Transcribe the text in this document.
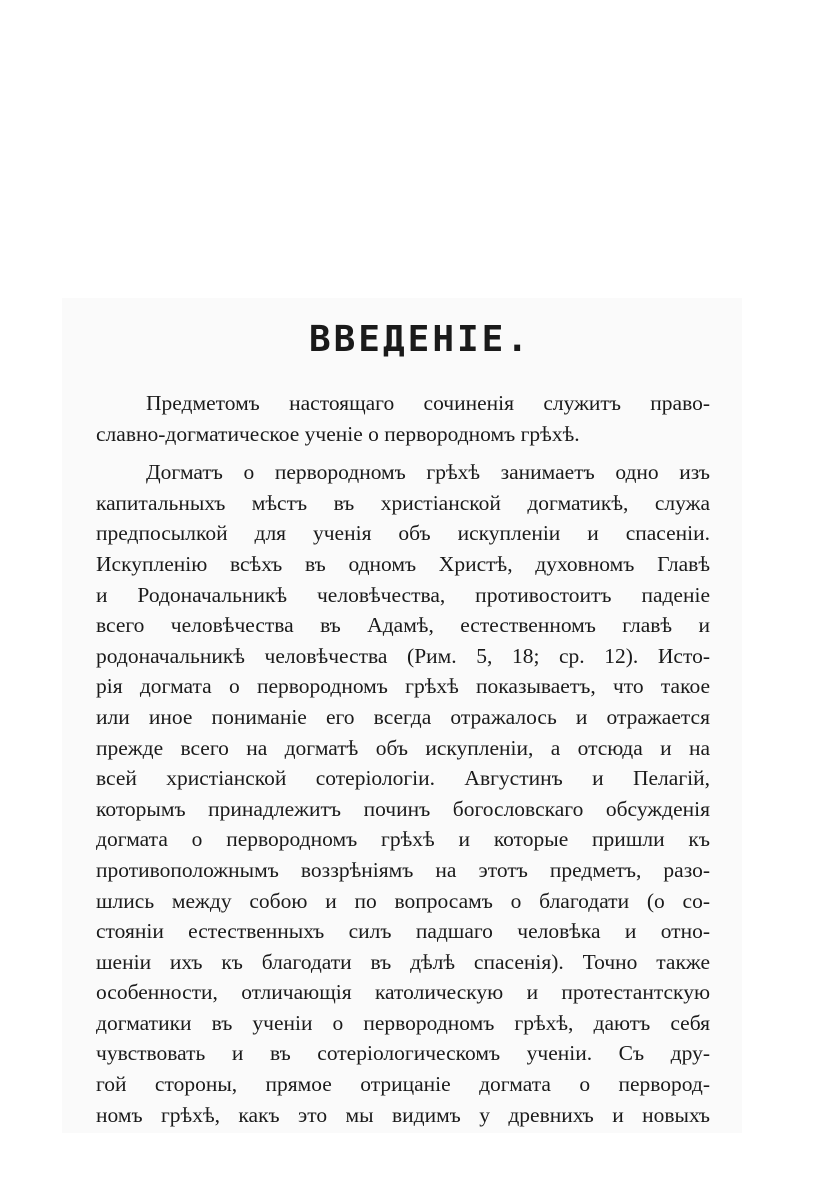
ВВЕДЕНІЕ.

Предметомъ настоящаго сочиненія служитъ право-
славно-догматическое ученіе о первородномъ грѣхѣ.

Догматъ о первородномъ грѣхѣ занимаетъ одно изъ
капитальныхъ мѣстъ въ христіанской догматикѣ, служа
предпосылкой для ученія объ искупленіи и спасеніи.
Искупленію всѣхъ въ одномъ Христѣ, духовномъ Главѣ
и Родоначальникѣ человѣчества, противостоитъ паденіе
всего человѣчества въ Адамѣ, естественномъ главѣ и
родоначальникѣ человѣчества (Рим. 5, 18; ср. 12). Исто-
рія догмата о первородномъ грѣхѣ показываетъ, что такое
или иное пониманіе его всегда отражалось и отражается
прежде всего на догматѣ объ искупленіи, а отсюда и на
всей христіанской сотеріологіи. Августинъ и Пелагій,
которымъ принадлежитъ починъ богословскаго обсужденія
догмата о первородномъ грѣхѣ и которые пришли къ
противоположнымъ воззрѣніямъ на этотъ предметъ, разо-
шлись между собою и по вопросамъ о благодати (о со-
стояніи естественныхъ силъ падшаго человѣка и отно-
шеніи ихъ къ благодати въ дѣлѣ спасенія). Точно также
особенности, отличающія католическую и протестантскую
догматики въ ученіи о первородномъ грѣхѣ, даютъ себя
чувствовать и въ сотеріологическомъ ученіи. Съ дру-
гой стороны, прямое отрицаніе догмата о первород-
номъ грѣхѣ, какъ это мы видимъ у древнихъ и новыхъ
